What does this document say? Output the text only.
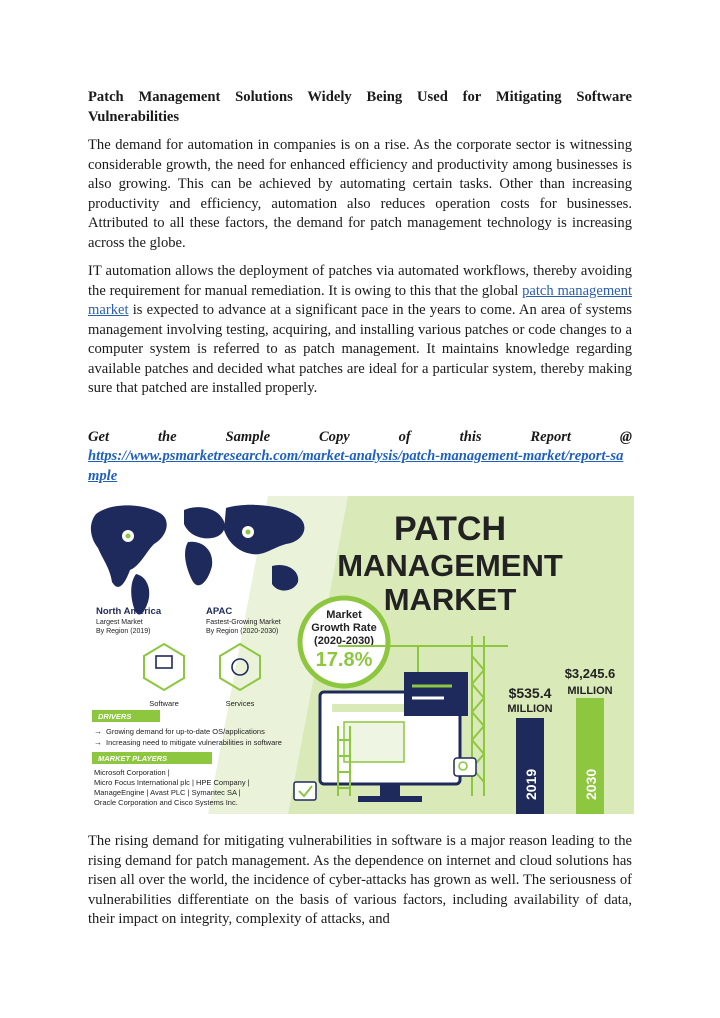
Patch Management Solutions Widely Being Used for Mitigating Software Vulnerabilities
The demand for automation in companies is on a rise. As the corporate sector is witnessing considerable growth, the need for enhanced efficiency and productivity among businesses is also growing. This can be achieved by automating certain tasks. Other than increasing productivity and efficiency, automation also reduces operation costs for businesses. Attributed to all these factors, the demand for patch management technology is increasing across the globe.
IT automation allows the deployment of patches via automated workflows, thereby avoiding the requirement for manual remediation. It is owing to this that the global patch management market is expected to advance at a significant pace in the years to come. An area of systems management involving testing, acquiring, and installing various patches or code changes to a computer system is referred to as patch management. It maintains knowledge regarding available patches and decided what patches are ideal for a particular system, thereby making sure that patched are installed properly.
Get the Sample Copy of this Report @
https://www.psmarketresearch.com/market-analysis/patch-management-market/report-sample
PATCH
MANAGEMENT
MARKET
Market
Growth Rate
(2020-2030)
17.8%
North America
Largest Market
By Region (2019)
APAC
Fastest-Growing Market
By Region (2020-2030)
Software	Services
DRIVERS
→ Growing demand for up-to-date OS/applications
→ Increasing need to mitigate vulnerabilities in software
MARKET PLAYERS
Microsoft Corporation |
Micro Focus International plc | HPE Company |
ManageEngine | Avast PLC | Symantec SA |
Oracle Corporation and Cisco Systems Inc.
$535.4
MILLION
$3,245.6
MILLION
2019	2030
The rising demand for mitigating vulnerabilities in software is a major reason leading to the rising demand for patch management. As the dependence on internet and cloud solutions has risen all over the world, the incidence of cyber-attacks has grown as well. The seriousness of vulnerabilities differentiate on the basis of various factors, including availability of data, their impact on integrity, complexity of attacks, and
